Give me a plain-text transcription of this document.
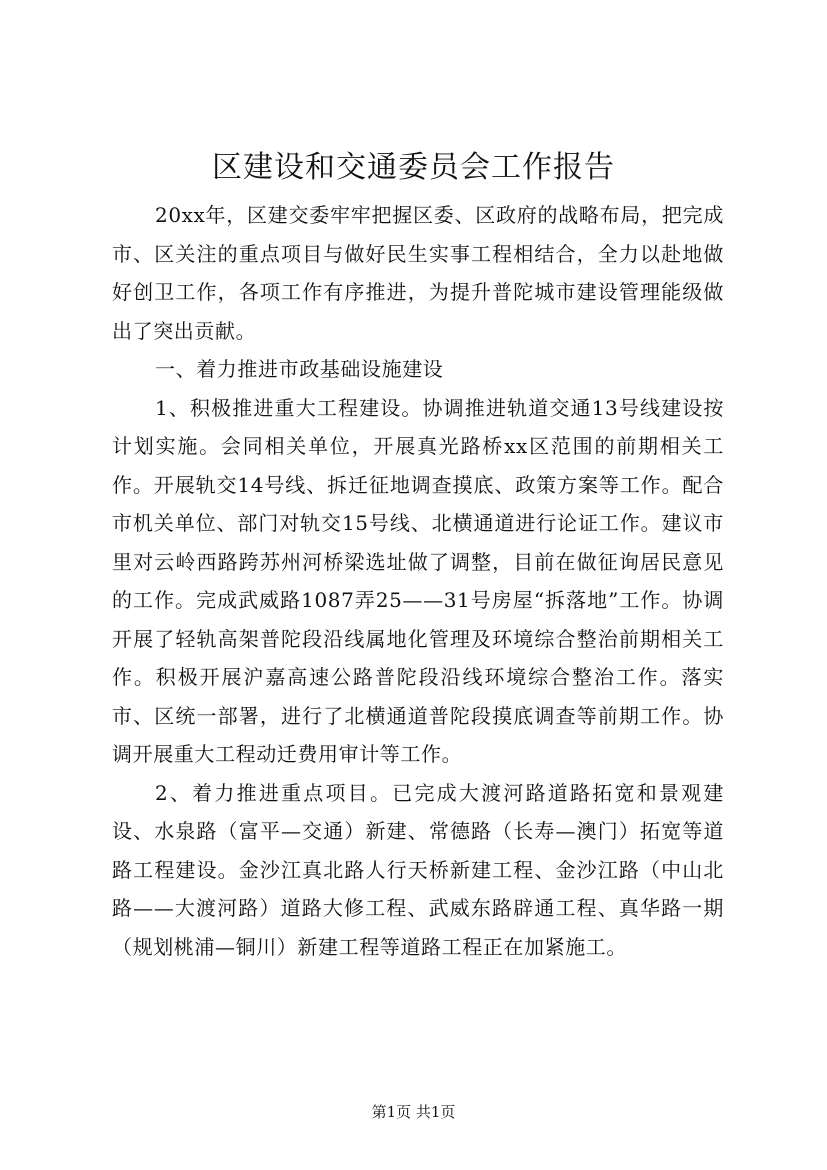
区建设和交通委员会工作报告

20xx年，区建交委牢牢把握区委、区政府的战略布局，把完成市、区关注的重点项目与做好民生实事工程相结合，全力以赴地做好创卫工作，各项工作有序推进，为提升普陀城市建设管理能级做出了突出贡献。

一、着力推进市政基础设施建设

1、积极推进重大工程建设。协调推进轨道交通13号线建设按计划实施。会同相关单位，开展真光路桥xx区范围的前期相关工作。开展轨交14号线、拆迁征地调查摸底、政策方案等工作。配合市机关单位、部门对轨交15号线、北横通道进行论证工作。建议市里对云岭西路跨苏州河桥梁选址做了调整，目前在做征询居民意见的工作。完成武威路1087弄25——31号房屋“拆落地”工作。协调开展了轻轨高架普陀段沿线属地化管理及环境综合整治前期相关工作。积极开展沪嘉高速公路普陀段沿线环境综合整治工作。落实市、区统一部署，进行了北横通道普陀段摸底调查等前期工作。协调开展重大工程动迁费用审计等工作。

2、着力推进重点项目。已完成大渡河路道路拓宽和景观建设、水泉路（富平—交通）新建、常德路（长寿—澳门）拓宽等道路工程建设。金沙江真北路人行天桥新建工程、金沙江路（中山北路——大渡河路）道路大修工程、武威东路辟通工程、真华路一期（规划桃浦—铜川）新建工程等道路工程正在加紧施工。

第1页 共1页
